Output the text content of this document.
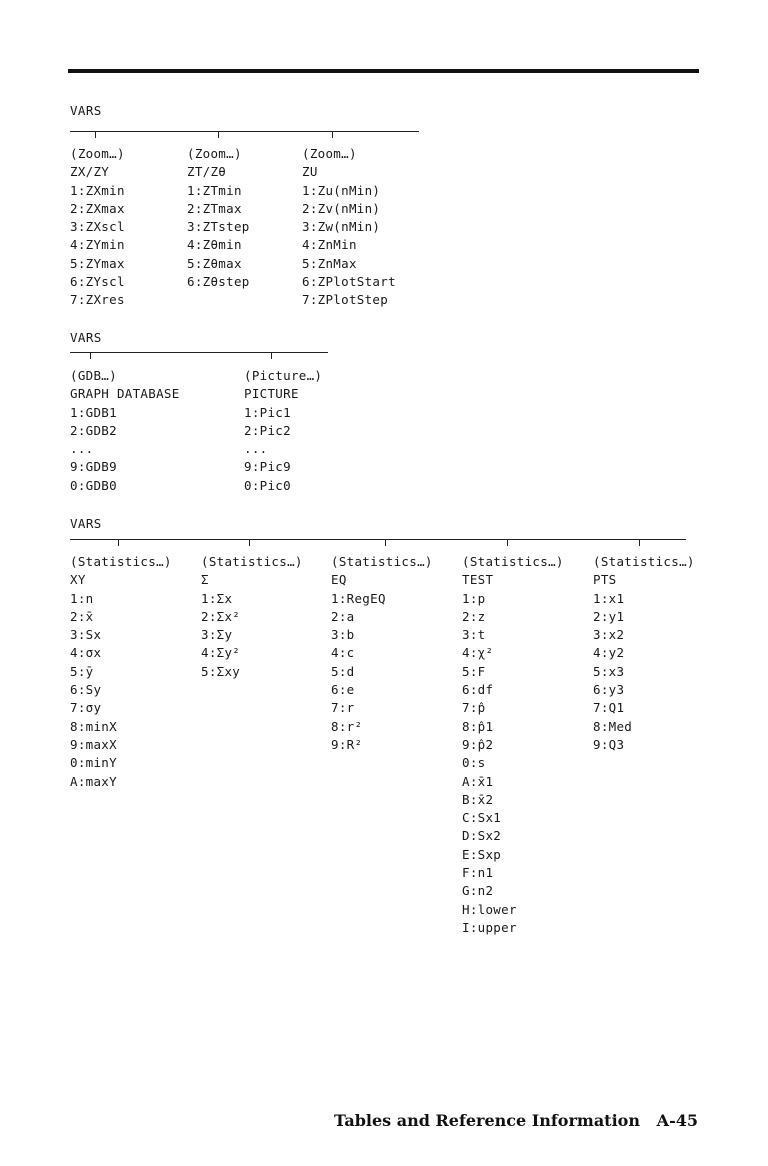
VARS
(Zoom…)
ZX/ZY
1:ZXmin
2:ZXmax
3:ZXscl
4:ZYmin
5:ZYmax
6:ZYscl
7:ZXres
(Zoom…)
ZT/Zθ
1:ZTmin
2:ZTmax
3:ZTstep
4:Zθmin
5:Zθmax
6:Zθstep
(Zoom…)
ZU
1:Zu(nMin)
2:Zv(nMin)
3:Zw(nMin)
4:ZnMin
5:ZnMax
6:ZPlotStart
7:ZPlotStep
VARS
(GDB…)
GRAPH DATABASE
1:GDB1
2:GDB2
...
9:GDB9
0:GDB0
(Picture…)
PICTURE
1:Pic1
2:Pic2
...
9:Pic9
0:Pic0
VARS
(Statistics…)
XY
1:n
2:x̄
3:Sx
4:σx
5:ȳ
6:Sy
7:σy
8:minX
9:maxX
0:minY
A:maxY
(Statistics…)
Σ
1:Σx
2:Σx²
3:Σy
4:Σy²
5:Σxy
(Statistics…)
EQ
1:RegEQ
2:a
3:b
4:c
5:d
6:e
7:r
8:r²
9:R²
(Statistics…)
TEST
1:p
2:z
3:t
4:χ²
5:F
6:df
7:p̂
8:p̂1
9:p̂2
0:s
A:x̄1
B:x̄2
C:Sx1
D:Sx2
E:Sxp
F:n1
G:n2
H:lower
I:upper
(Statistics…)
PTS
1:x1
2:y1
3:x2
4:y2
5:x3
6:y3
7:Q1
8:Med
9:Q3
Tables and Reference Information A-45
